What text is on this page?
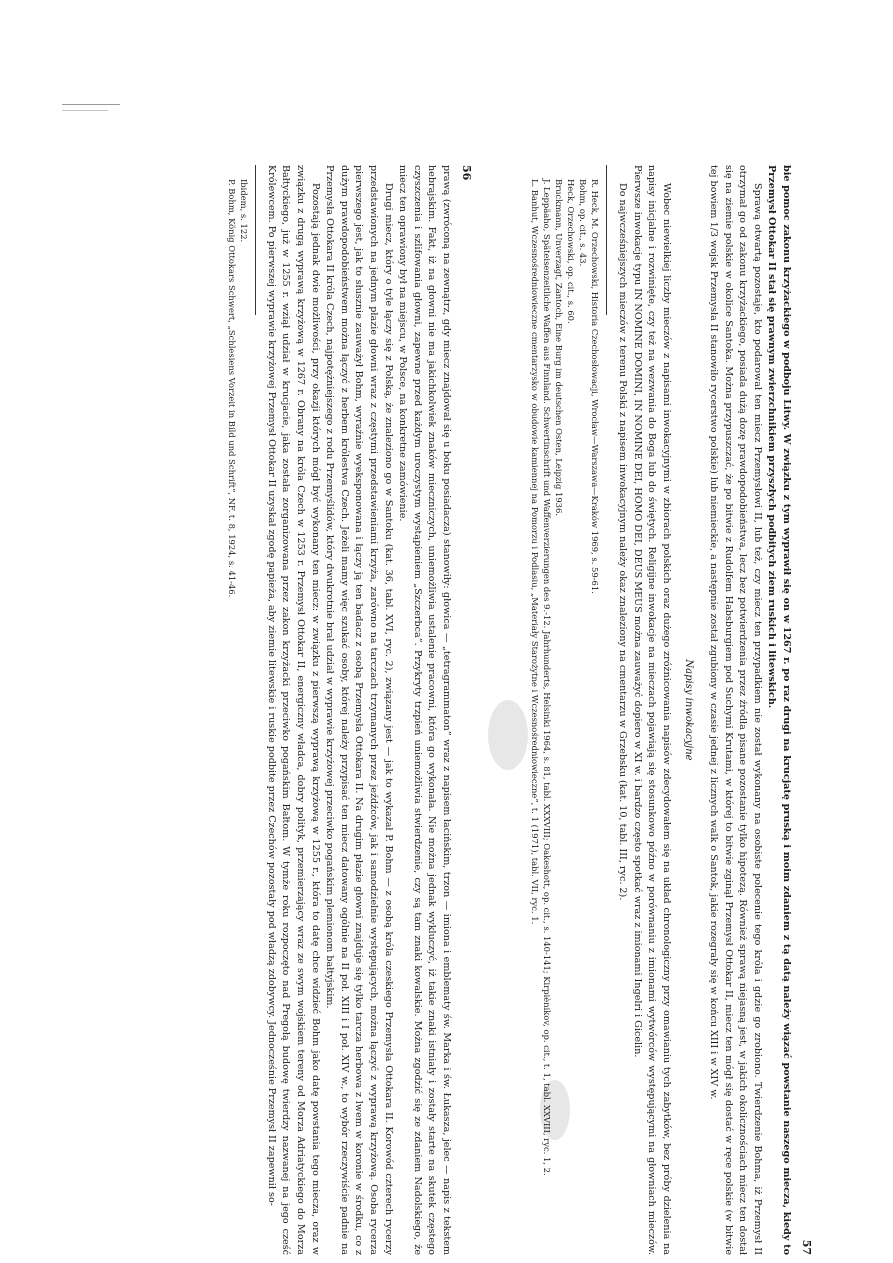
56

prawą (zwróconą na zewnątrz, gdy miecz znajdował się u boku posiadacza) stanowiły: głowica — „tetragrammaton” wraz z napisem łacińskim, trzon — imiona i emblematy św. Marka i św. Łukasza, jelec — napis z tekstem hebrajskim. Fakt, iż na głowni nie ma jakichkolwiek znaków mieczniczych, uniemożliwia ustalenie pracowni, która go wykonała. Nie można jednak wykluczyć, iż takie znaki istniały i zostały starte na skutek częstego czyszczenia i szlifowania głowni, zapewne przed każdym uroczystym wystąpieniem „Szczerbca”. Przykryty trzpień uniemożliwia stwierdzenie, czy są tam znaki kowalskie. Można zgodzić się ze zdaniem Nadolskiego, że miecz ten oprawiony był na miejscu, w Polsce, na konkretne zamówienie.

Drugi miecz, który o tyle łączy się z Polską, że znaleziono go w Santoku (kat. 36, tabl. XVI, ryc. 2), związany jest — jak to wykazał P. Bohm — z osobą króla czeskiego Przemysła Ottokara II. Korowód czterech rycerzy przedstawionych na jednym płazie głowni wraz z częstymi przedstawieniami krzyża, zarówno na tarczach trzymanych przez jeźdźców, jak i samodzielnie występujących, można łączyć z wyprawą krzyżową. Osoba rycerza pierwszego jest, jak to słusznie zauważył Bohm, wyraźnie wyeksponowana i łączy ją ten badacz z osobą Przemysła Ottokara II. Na drugim płazie głowni znajduje się tylko tarcza herbowa z lwem w koronie w środku, co z dużym prawdopodobieństwem można łączyć z herbem królestwa Czech. Jeżeli mamy więc szukać osoby, której należy przypisać ten miecz datowany ogólnie na II poł. XIII i I poł. XIV w., to wybór rzeczywiście padnie na Przemysła Ottokara II króla Czech, najpotężniejszego z rodu Przemyślidów, który dwukrotnie brał udział w wyprawie krzyżowej przeciwko pogańskim plemionom bałtyjskim.

Pozostają jednak dwie możliwości, przy okazji których mógł być wykonany ten miecz: w związku z pierwszą wyprawą krzyżową w 1255 r., która to datę chce widzieć Bohm jako datę powstania tego miecza, oraz w związku z drugą wyprawą krzyżową w 1267 r. Obrany na króla Czech w 1253 r. Przemysł Ottokar II, energiczny władca, dobry polityk, przemierzający wraz ze swym wojskiem tereny od Morza Adriatyckiego do Morza Bałtyckiego, już w 1255 r. wziął udział w krucjacie, jaka została zorganizowana przez zakon krzyżacki przeciwko pogańskim Bałtom. W tymże roku rozpoczęto nad Pregołą budowę twierdzy nazwanej na jego cześć Królewcem. Po pierwszej wyprawie krzyżowej Przemysł Ottokar II uzyskał zgodę papieża, aby ziemie litewskie i ruskie podbite przez Czechów pozostały pod władzą zdobywcy. Jednocześnie Przemysł II zapewnił so-

Ibidem, s. 122.
P. Bohm, König Ottokars Schwert, „Schlesiens Vorzeit in Bild und Schrift”, NF. t. 8, 1924, s. 41-46.
57

bie pomoc zakonu krzyżackiego w podboju Litwy. W związku z tym wyprawił się on w 1267 r. po raz drugi na krucjatę pruską i moim zdaniem z tą datą należy wiązać powstanie naszego miecza, kiedy to Przemysł Ottokar II stał się prawnym zwierzchnikiem przyszłych podbitych ziem ruskich i litewskich.

Sprawą otwartą pozostaje, kto podarował ten miecz Przemysłowi II, lub też, czy miecz ten przypadkiem nie został wykonany na osobiste polecenie tego króla i gdzie go zrobiono. Twierdzenie Bohma, iż Przemysł II otrzymał go od zakonu krzyżackiego, posiada dużą dozę prawdopodobieństwa, lecz bez potwierdzenia przez źródła pisane pozostanie tylko hipotezą. Również sprawą niejasną jest, w jakich okolicznościach miecz ten dostał się na ziemie polskie w okolice Santoka. Można przypuszczać, że po bitwie z Rudolfem Habsburgiem pod Suchymi Krutami, w której to bitwie zginął Przemysł Ottokar II, miecz ten mógł się dostać w ręce polskie (w bitwie tej bowiem 1/3 wojsk Przemysła II stanowiło rycerstwo polskie) lub niemieckie, a następnie został zgubiony w czasie jednej z licznych walk o Santok, jakie rozegrały się w końcu XIII i w XIV w.

Napisy inwokacyjne

Wobec niewielkiej liczby mieczów z napisami inwokacyjnymi w zbiorach polskich oraz dużego zróżnicowania napisów zdecydowałem się na układ chronologiczny przy omawianiu tych zabytków, bez próby dzielenia na napisy inicjalne i rozwinięte, czy też na wezwania do Boga lub do świętych. Religijne inwokacje na mieczach pojawiają się stosunkowo późno w porównaniu z imionami wytwórców występującymi na głowniach mieczów. Pierwsze inwokacje typu IN NOMINE DOMINI, IN NOMINE DEI, HOMO DEI, DEUS MEUS można zauważyć dopiero w XI w. i bardzo często spotkać wraz z imionami Ingelri i Gicelin.

Do najwcześniejszych mieczów z terenu Polski z napisem inwokacyjnym należy okaz znaleziony na cmentarzu w Grzebsku (kat. 10, tabl. III, ryc. 2).

R. Heck, M. Orzechowski, Historia Czechosłowacji, Wrocław—Warszawa—Kraków 1969, s. 59-61.
Bohm, op. cit., s. 43.
Heck, Orzechowski, op. cit., s. 60.
Bruckmann, Unverzagt, Zantoch, Eine Burg im deutschen Osten, Leipzig 1936.
J. Leppäaho, Späteisenzeitliche Waffen aus Finnland. Schwertinschrift und Waffenverzierungen des 9.-12. Jahrhunderts, Helsinki 1964, s. 81, tabl. XXXVIII; Oakeshott, op. cit., s. 140-141; Kirpiènikov, op. cit., t. 1, tabl. XXVIII, ryc. 1, 2.
L. Banhut, Wczesnośredniowieczne cmentarzysko w obudowie kamiennej na Pomorzu i Podlasiu, „Materiały Starożytne i Wczesnośredniowieczne”, t. 1 (1971), tabl. VII, ryc. 1.
